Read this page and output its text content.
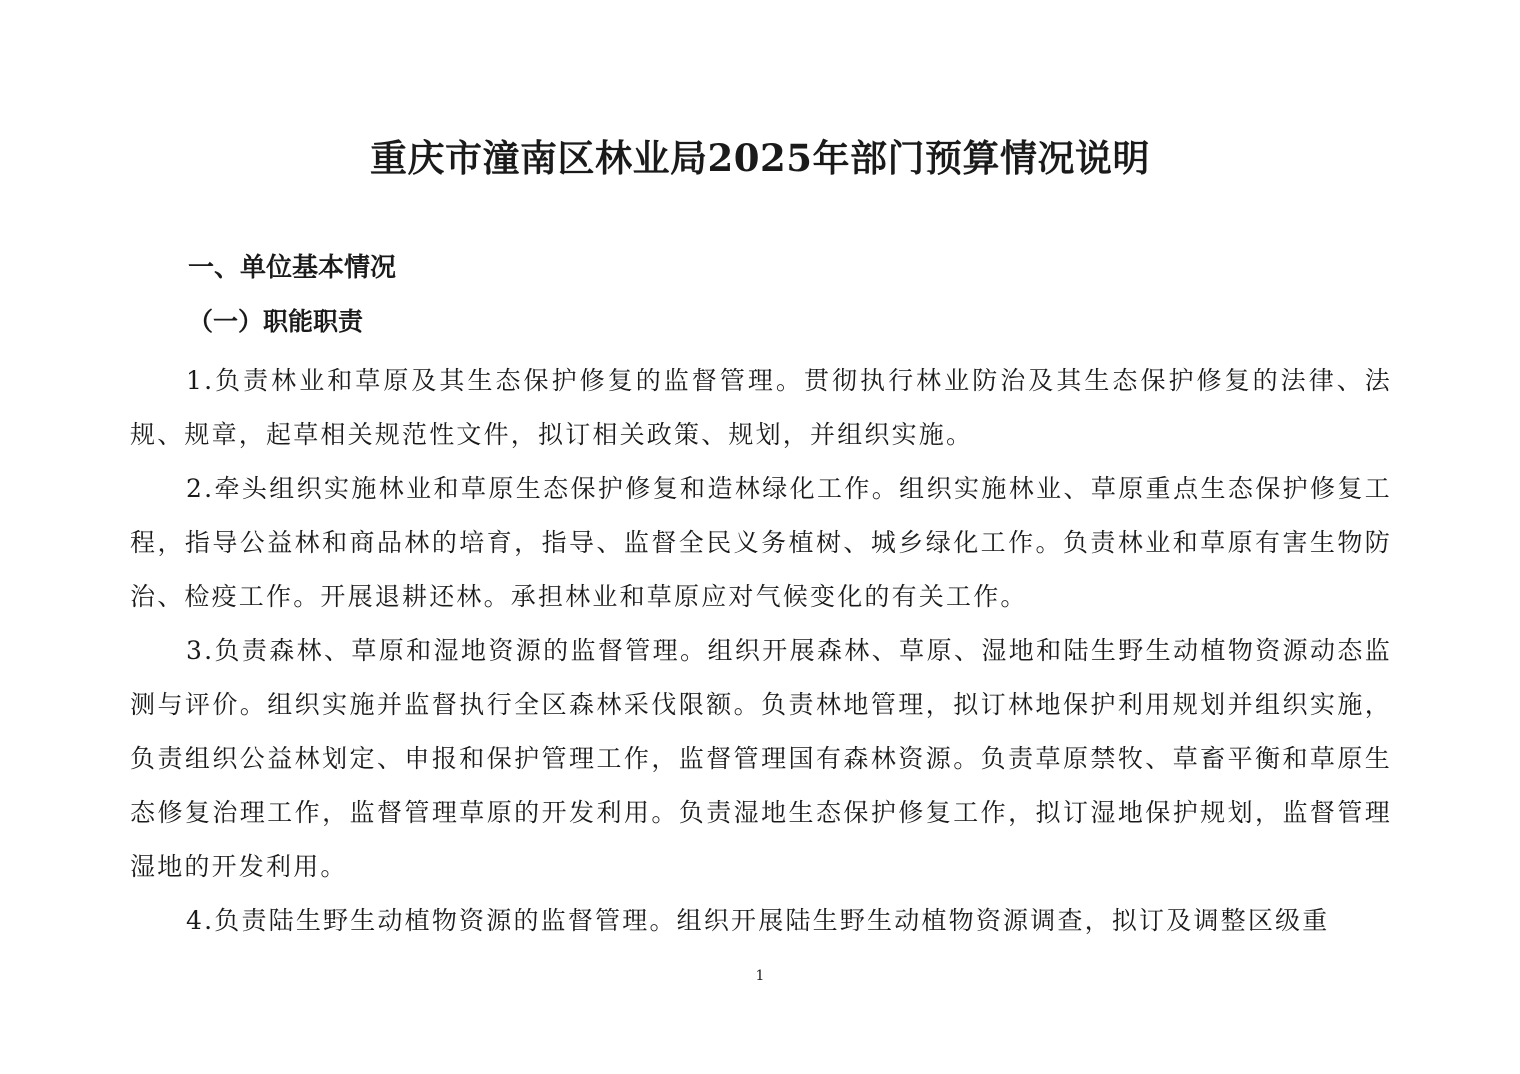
重庆市潼南区林业局2025年部门预算情况说明
一、单位基本情况
（一）职能职责

1.负责林业和草原及其生态保护修复的监督管理。贯彻执行林业防治及其生态保护修复的法律、法规、规章，起草相关规范性文件，拟订相关政策、规划，并组织实施。

2.牵头组织实施林业和草原生态保护修复和造林绿化工作。组织实施林业、草原重点生态保护修复工程，指导公益林和商品林的培育，指导、监督全民义务植树、城乡绿化工作。负责林业和草原有害生物防治、检疫工作。开展退耕还林。承担林业和草原应对气候变化的有关工作。

3.负责森林、草原和湿地资源的监督管理。组织开展森林、草原、湿地和陆生野生动植物资源动态监测与评价。组织实施并监督执行全区森林采伐限额。负责林地管理，拟订林地保护利用规划并组织实施，负责组织公益林划定、申报和保护管理工作，监督管理国有森林资源。负责草原禁牧、草畜平衡和草原生态修复治理工作，监督管理草原的开发利用。负责湿地生态保护修复工作，拟订湿地保护规划，监督管理湿地的开发利用。

4.负责陆生野生动植物资源的监督管理。组织开展陆生野生动植物资源调查，拟订及调整区级重

1
